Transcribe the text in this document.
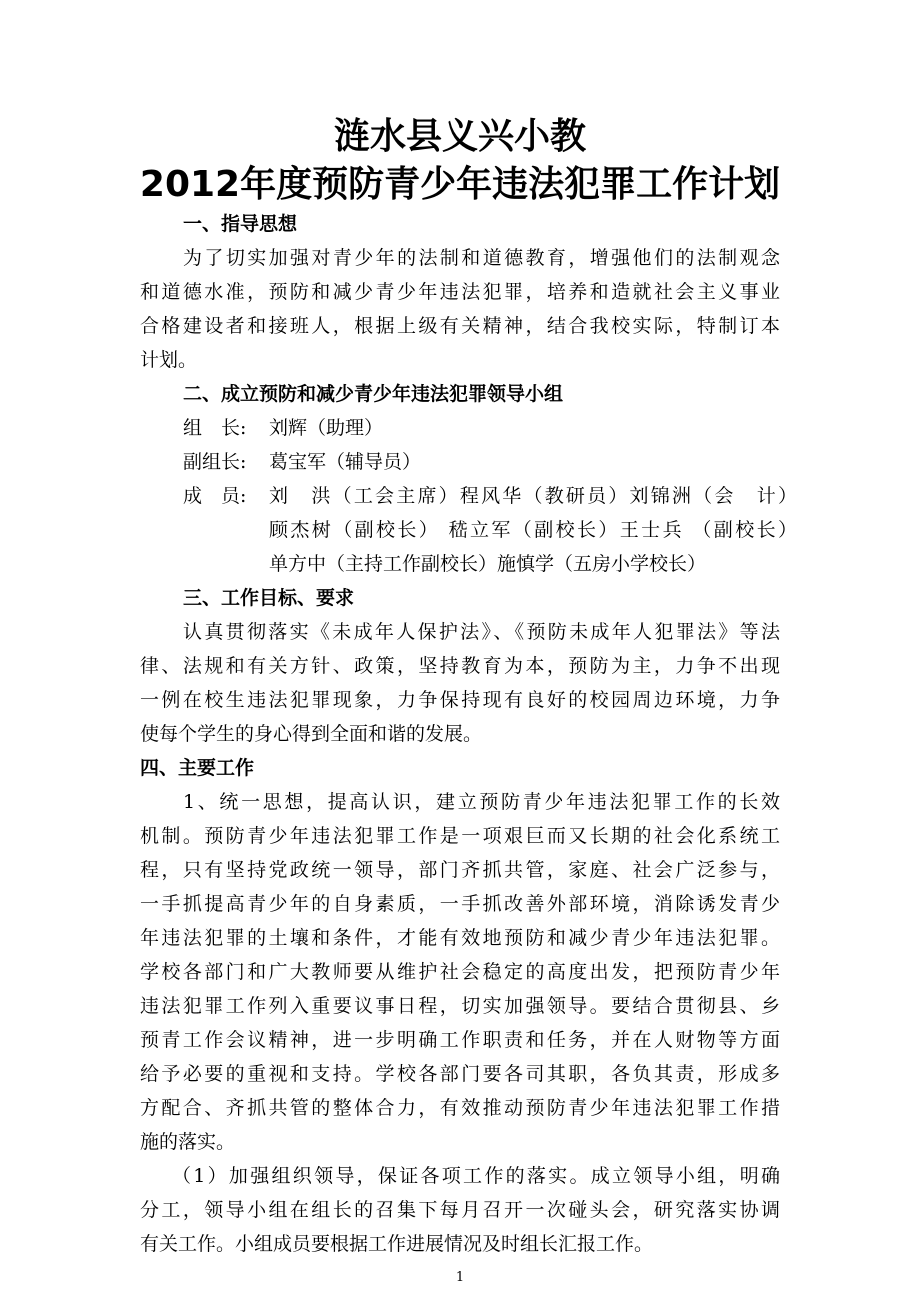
涟水县义兴小教
2012年度预防青少年违法犯罪工作计划
一、指导思想
为了切实加强对青少年的法制和道德教育，增强他们的法制观念
和道德水准，预防和减少青少年违法犯罪，培养和造就社会主义事业
合格建设者和接班人，根据上级有关精神，结合我校实际，特制订本
计划。
二、成立预防和减少青少年违法犯罪领导小组
组　长:	刘辉（助理）
副组长:	葛宝军（辅导员）
成　员:	刘　洪（工会主席）程风华（教研员）刘锦洲（会　计）
顾杰树（副校长） 嵇立军（副校长）王士兵 （副校长）
单方中（主持工作副校长）施慎学（五房小学校长）
三、工作目标、要求
认真贯彻落实《未成年人保护法》、《预防未成年人犯罪法》等法
律、法规和有关方针、政策，坚持教育为本，预防为主，力争不出现
一例在校生违法犯罪现象，力争保持现有良好的校园周边环境，力争
使每个学生的身心得到全面和谐的发展。
四、主要工作
1、统一思想，提高认识，建立预防青少年违法犯罪工作的长效
机制。预防青少年违法犯罪工作是一项艰巨而又长期的社会化系统工
程，只有坚持党政统一领导，部门齐抓共管，家庭、社会广泛参与，
一手抓提高青少年的自身素质，一手抓改善外部环境，消除诱发青少
年违法犯罪的土壤和条件，才能有效地预防和减少青少年违法犯罪。
学校各部门和广大教师要从维护社会稳定的高度出发，把预防青少年
违法犯罪工作列入重要议事日程，切实加强领导。要结合贯彻县、乡
预青工作会议精神，进一步明确工作职责和任务，并在人财物等方面
给予必要的重视和支持。学校各部门要各司其职，各负其责，形成多
方配合、齐抓共管的整体合力，有效推动预防青少年违法犯罪工作措
施的落实。
（1）加强组织领导，保证各项工作的落实。成立领导小组，明确
分工，领导小组在组长的召集下每月召开一次碰头会，研究落实协调
有关工作。小组成员要根据工作进展情况及时组长汇报工作。
1
